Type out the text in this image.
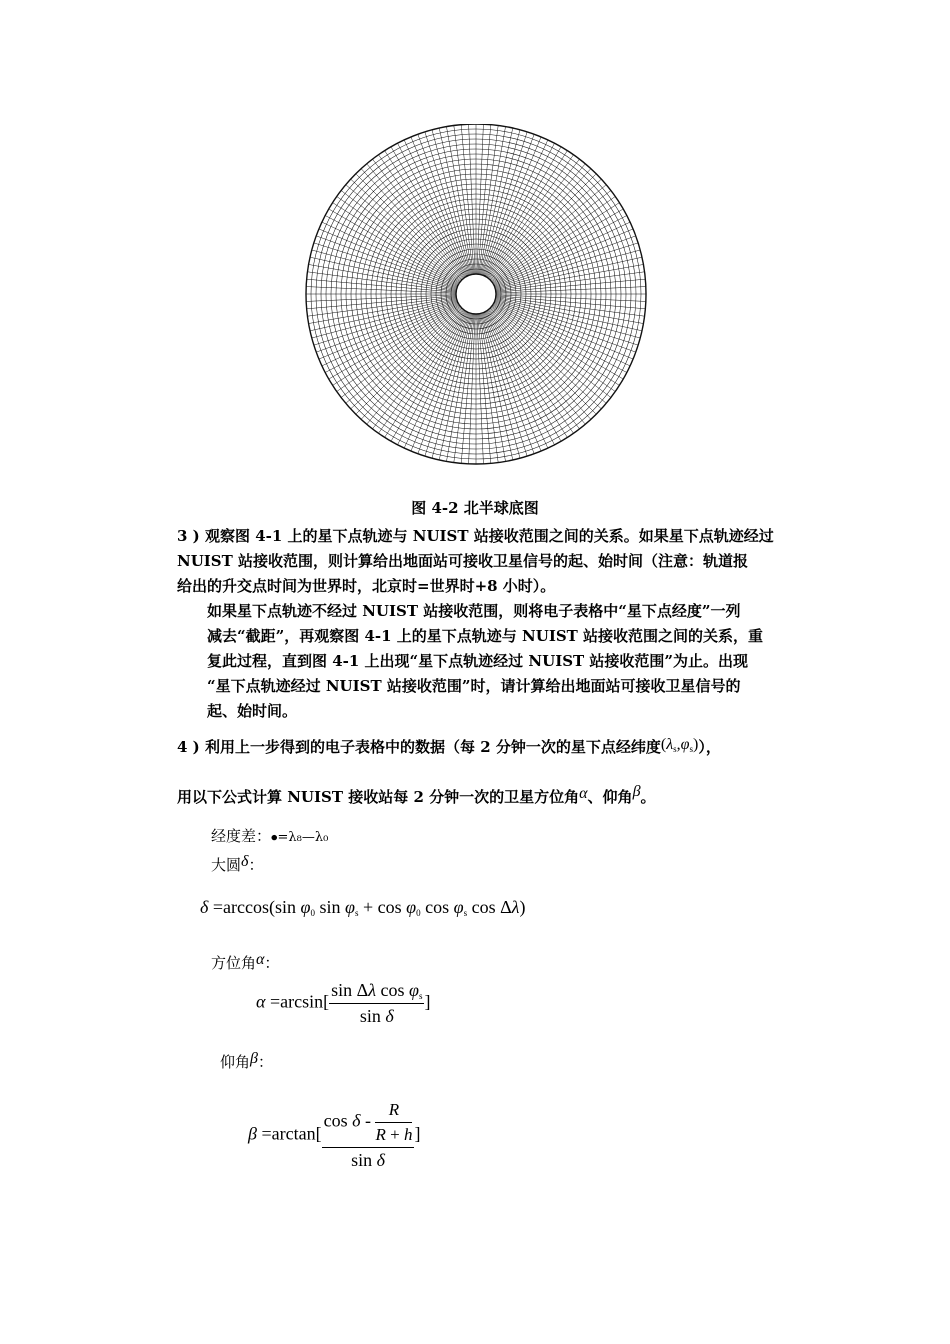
图 4-2 北半球底图
3 ) 观察图 4-1 上的星下点轨迹与 NUIST 站接收范围之间的关系。如果星下点轨迹经过
NUIST 站接收范围，则计算给出地面站可接收卫星信号的起、始时间（注意：轨道报
给出的升交点时间为世界时，北京时=世界时+8 小时）。
如果星下点轨迹不经过 NUIST 站接收范围，则将电子表格中“星下点经度”一列
减去“截距”，再观察图 4-1 上的星下点轨迹与 NUIST 站接收范围之间的关系，重
复此过程，直到图 4-1 上出现“星下点轨迹经过 NUIST 站接收范围”为止。出现
“星下点轨迹经过 NUIST 站接收范围”时，请计算给出地面站可接收卫星信号的
起、始时间。
4 ) 利用上一步得到的电子表格中的数据（每 2 分钟一次的星下点经纬度$(\lambda_s,\varphi_s)$），
用以下公式计算 NUIST 接收站每 2 分钟一次的卫星方位角α、仰角β。
经度差：⦁=λ₈—λ₀
大圆δ：
δ =arccos(sin $\varphi_0$ $\sin \varphi_s + \cos \varphi_0$ $\cos \varphi_s$ cos Δλ)
方位角α：
$\alpha =\arcsin[ \frac{\sin \Delta\lambda \cos \varphi_s}{\text{sin δ}}$ ]
仰角β：
$\beta =\arctan[ \frac{\cos \delta - \frac{R}{R + h}}{\text{sin δ}}$ ]
